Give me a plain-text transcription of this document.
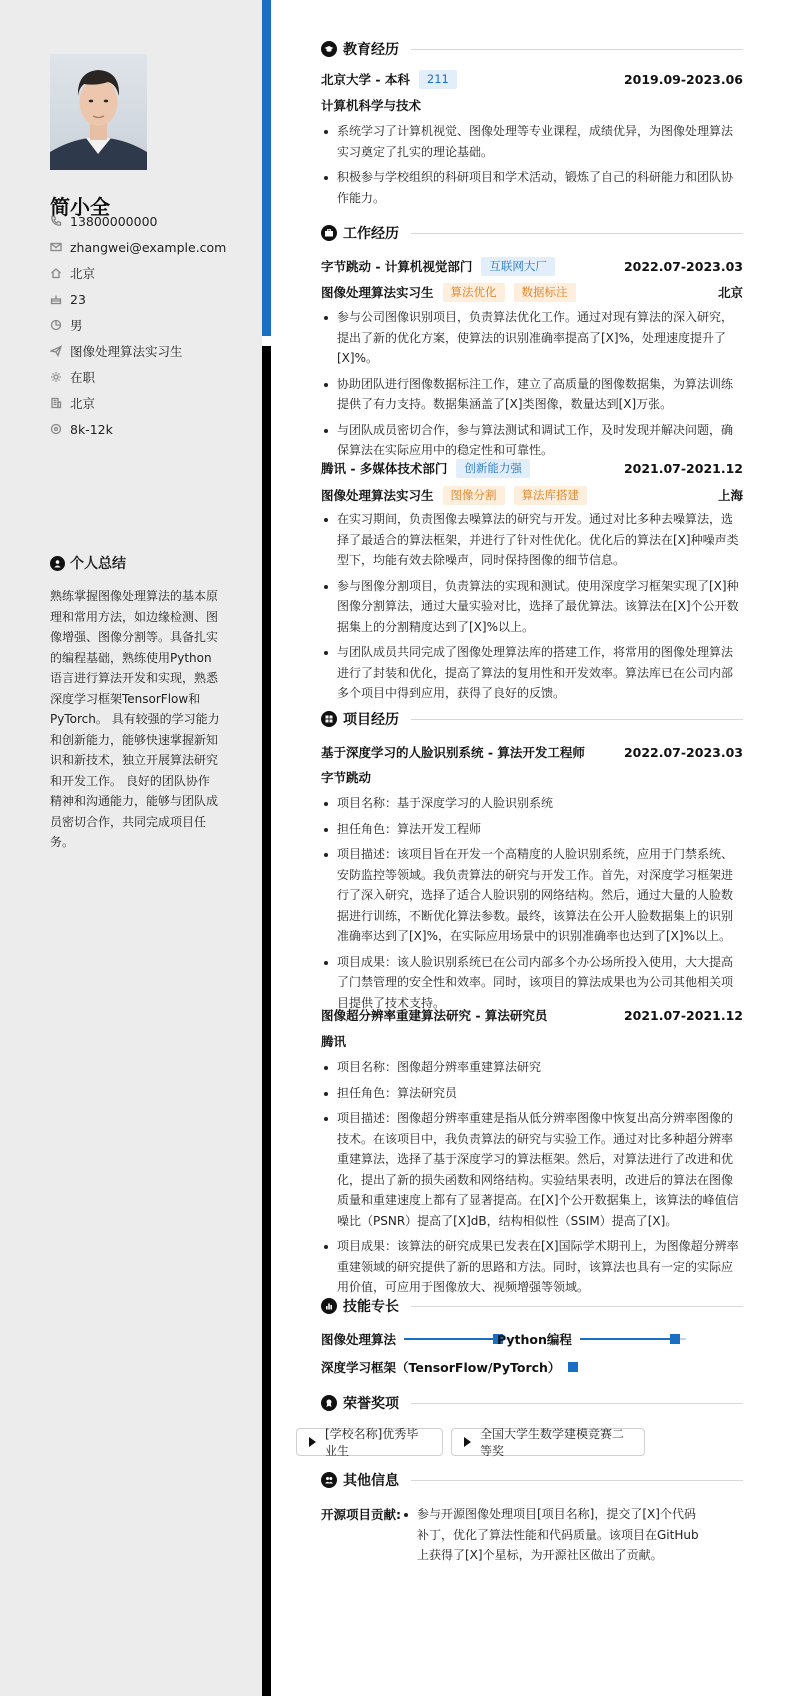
简小全
13800000000
zhangwei@example.com
北京
23
男
图像处理算法实习生
在职
北京
8k-12k
个人总结
熟练掌握图像处理算法的基本原理和常用方法，如边缘检测、图像增强、图像分割等。具备扎实的编程基础，熟练使用Python语言进行算法开发和实现，熟悉深度学习框架TensorFlow和PyTorch。 具有较强的学习能力和创新能力，能够快速掌握新知识和新技术，独立开展算法研究和开发工作。 良好的团队协作精神和沟通能力，能够与团队成员密切合作，共同完成项目任务。
教育经历
北京大学 - 本科	211	2019.09-2023.06
计算机科学与技术
系统学习了计算机视觉、图像处理等专业课程，成绩优异，为图像处理算法实习奠定了扎实的理论基础。
积极参与学校组织的科研项目和学术活动，锻炼了自己的科研能力和团队协作能力。
工作经历
字节跳动 - 计算机视觉部门	互联网大厂	2022.07-2023.03
图像处理算法实习生	算法优化	数据标注	北京
参与公司图像识别项目，负责算法优化工作。通过对现有算法的深入研究，提出了新的优化方案，使算法的识别准确率提高了[X]%，处理速度提升了[X]%。
协助团队进行图像数据标注工作，建立了高质量的图像数据集，为算法训练提供了有力支持。数据集涵盖了[X]类图像，数量达到[X]万张。
与团队成员密切合作，参与算法测试和调试工作，及时发现并解决问题，确保算法在实际应用中的稳定性和可靠性。
腾讯 - 多媒体技术部门	创新能力强	2021.07-2021.12
图像处理算法实习生	图像分割	算法库搭建	上海
在实习期间，负责图像去噪算法的研究与开发。通过对比多种去噪算法，选择了最适合的算法框架，并进行了针对性优化。优化后的算法在[X]种噪声类型下，均能有效去除噪声，同时保持图像的细节信息。
参与图像分割项目，负责算法的实现和测试。使用深度学习框架实现了[X]种图像分割算法，通过大量实验对比，选择了最优算法。该算法在[X]个公开数据集上的分割精度达到了[X]%以上。
与团队成员共同完成了图像处理算法库的搭建工作，将常用的图像处理算法进行了封装和优化，提高了算法的复用性和开发效率。算法库已在公司内部多个项目中得到应用，获得了良好的反馈。
项目经历
基于深度学习的人脸识别系统 - 算法开发工程师	2022.07-2023.03
字节跳动
项目名称：基于深度学习的人脸识别系统
担任角色：算法开发工程师
项目描述：该项目旨在开发一个高精度的人脸识别系统，应用于门禁系统、安防监控等领域。我负责算法的研究与开发工作。首先，对深度学习框架进行了深入研究，选择了适合人脸识别的网络结构。然后，通过大量的人脸数据进行训练，不断优化算法参数。最终，该算法在公开人脸数据集上的识别准确率达到了[X]%，在实际应用场景中的识别准确率也达到了[X]%以上。
项目成果：该人脸识别系统已在公司内部多个办公场所投入使用，大大提高了门禁管理的安全性和效率。同时，该项目的算法成果也为公司其他相关项目提供了技术支持。
图像超分辨率重建算法研究 - 算法研究员	2021.07-2021.12
腾讯
项目名称：图像超分辨率重建算法研究
担任角色：算法研究员
项目描述：图像超分辨率重建是指从低分辨率图像中恢复出高分辨率图像的技术。在该项目中，我负责算法的研究与实验工作。通过对比多种超分辨率重建算法，选择了基于深度学习的算法框架。然后，对算法进行了改进和优化，提出了新的损失函数和网络结构。实验结果表明，改进后的算法在图像质量和重建速度上都有了显著提高。在[X]个公开数据集上，该算法的峰值信噪比（PSNR）提高了[X]dB，结构相似性（SSIM）提高了[X]。
项目成果：该算法的研究成果已发表在[X]国际学术期刊上，为图像超分辨率重建领域的研究提供了新的思路和方法。同时，该算法也具有一定的实际应用价值，可应用于图像放大、视频增强等领域。
技能专长
图像处理算法	Python编程
深度学习框架（TensorFlow/PyTorch）
荣誉奖项
[学校名称]优秀毕业生
全国大学生数学建模竞赛二等奖
其他信息
开源项目贡献:	参与开源图像处理项目[项目名称]，提交了[X]个代码补丁，优化了算法性能和代码质量。该项目在GitHub上获得了[X]个星标，为开源社区做出了贡献。
